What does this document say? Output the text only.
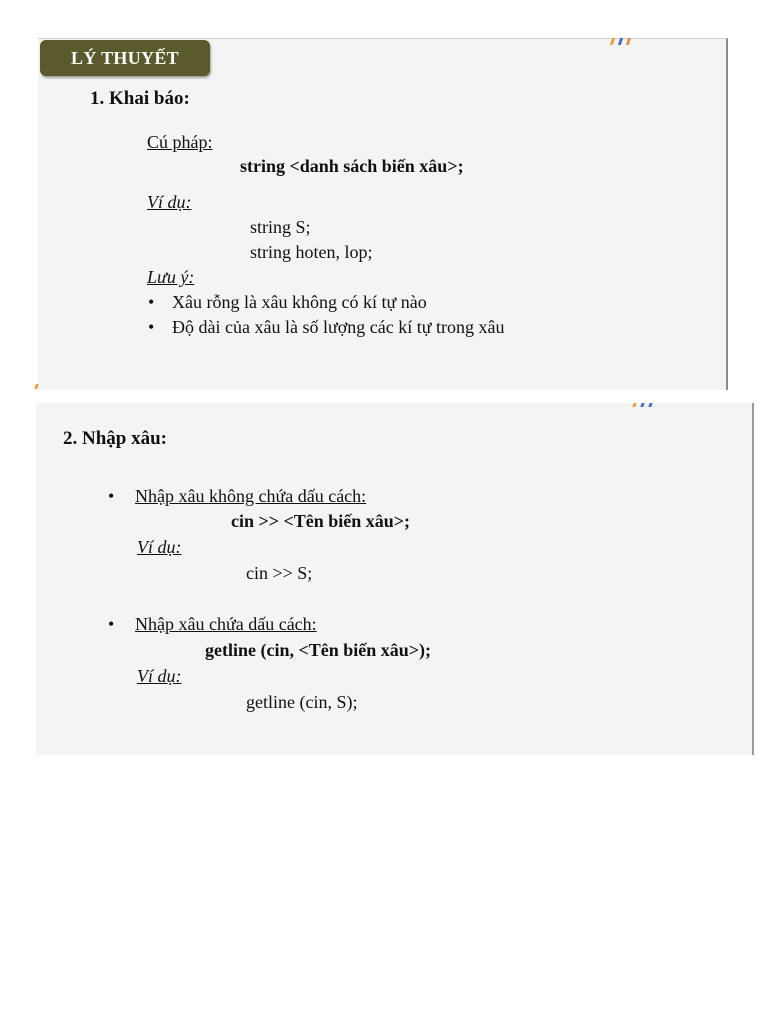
LÝ THUYẾT
1. Khai báo:
Cú pháp:
string <danh sách biến xâu>;
Ví dụ:
string S;
string hoten, lop;
Lưu ý:
• Xâu rỗng là xâu không có kí tự nào
• Độ dài của xâu là số lượng các kí tự trong xâu
2. Nhập xâu:
• Nhập xâu không chứa dấu cách:
cin >> <Tên biến xâu>;
Ví dụ:
cin >> S;
• Nhập xâu chứa dấu cách:
getline (cin, <Tên biến xâu>);
Ví dụ:
getline (cin, S);
